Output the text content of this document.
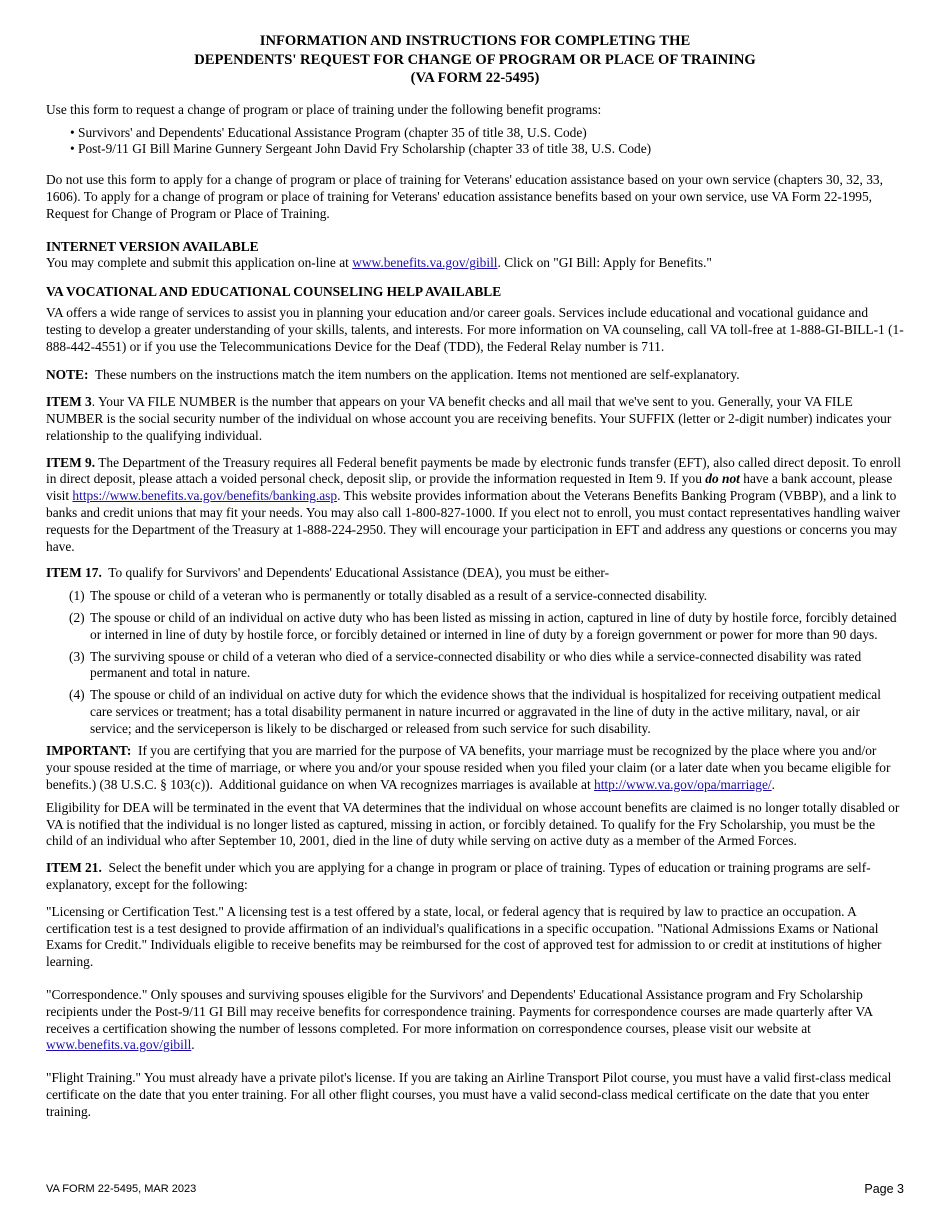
INFORMATION AND INSTRUCTIONS FOR COMPLETING THE
DEPENDENTS' REQUEST FOR CHANGE OF PROGRAM OR PLACE OF TRAINING
(VA FORM 22-5495)

Use this form to request a change of program or place of training under the following benefit programs:

• Survivors' and Dependents' Educational Assistance Program (chapter 35 of title 38, U.S. Code)
• Post-9/11 GI Bill Marine Gunnery Sergeant John David Fry Scholarship (chapter 33 of title 38, U.S. Code)

Do not use this form to apply for a change of program or place of training for Veterans' education assistance based on your own service (chapters 30, 32, 33, 1606). To apply for a change of program or place of training for Veterans' education assistance benefits based on your own service, use VA Form 22-1995, Request for Change of Program or Place of Training.

INTERNET VERSION AVAILABLE

You may complete and submit this application on-line at www.benefits.va.gov/gibill. Click on "GI Bill: Apply for Benefits."

VA VOCATIONAL AND EDUCATIONAL COUNSELING HELP AVAILABLE

VA offers a wide range of services to assist you in planning your education and/or career goals. Services include educational and vocational guidance and testing to develop a greater understanding of your skills, talents, and interests. For more information on VA counseling, call VA toll-free at 1-888-GI-BILL-1 (1-888-442-4551) or if you use the Telecommunications Device for the Deaf (TDD), the Federal Relay number is 711.

NOTE:  These numbers on the instructions match the item numbers on the application. Items not mentioned are self-explanatory.

ITEM 3. Your VA FILE NUMBER is the number that appears on your VA benefit checks and all mail that we've sent to you. Generally, your VA FILE NUMBER is the social security number of the individual on whose account you are receiving benefits. Your SUFFIX (letter or 2-digit number) indicates your relationship to the qualifying individual.

ITEM 9. The Department of the Treasury requires all Federal benefit payments be made by electronic funds transfer (EFT), also called direct deposit. To enroll in direct deposit, please attach a voided personal check, deposit slip, or provide the information requested in Item 9. If you do not have a bank account, please visit https://www.benefits.va.gov/benefits/banking.asp. This website provides information about the Veterans Benefits Banking Program (VBBP), and a link to banks and credit unions that may fit your needs. You may also call 1-800-827-1000. If you elect not to enroll, you must contact representatives handling waiver requests for the Department of the Treasury at 1-888-224-2950. They will encourage your participation in EFT and address any questions or concerns you may have.

ITEM 17.  To qualify for Survivors' and Dependents' Educational Assistance (DEA), you must be either-

(1) The spouse or child of a veteran who is permanently or totally disabled as a result of a service-connected disability.
(2) The spouse or child of an individual on active duty who has been listed as missing in action, captured in line of duty by hostile force, forcibly detained or interned in line of duty by hostile force, or forcibly detained or interned in line of duty by a foreign government or power for more than 90 days.
(3) The surviving spouse or child of a veteran who died of a service-connected disability or who dies while a service-connected disability was rated permanent and total in nature.
(4) The spouse or child of an individual on active duty for which the evidence shows that the individual is hospitalized for receiving outpatient medical care services or treatment; has a total disability permanent in nature incurred or aggravated in the line of duty in the active military, naval, or air service; and the serviceperson is likely to be discharged or released from such service for such disability.

IMPORTANT:  If you are certifying that you are married for the purpose of VA benefits, your marriage must be recognized by the place where you and/or your spouse resided at the time of marriage, or where you and/or your spouse resided when you filed your claim (or a later date when you became eligible for benefits.) (38 U.S.C. § 103(c)).  Additional guidance on when VA recognizes marriages is available at http://www.va.gov/opa/marriage/.

Eligibility for DEA will be terminated in the event that VA determines that the individual on whose account benefits are claimed is no longer totally disabled or VA is notified that the individual is no longer listed as captured, missing in action, or forcibly detained. To qualify for the Fry Scholarship, you must be the child of an individual who after September 10, 2001, died in the line of duty while serving on active duty as a member of the Armed Forces.

ITEM 21.  Select the benefit under which you are applying for a change in program or place of training. Types of education or training programs are self-explanatory, except for the following:

"Licensing or Certification Test." A licensing test is a test offered by a state, local, or federal agency that is required by law to practice an occupation. A certification test is a test designed to provide affirmation of an individual's qualifications in a specific occupation. "National Admissions Exams or National Exams for Credit." Individuals eligible to receive benefits may be reimbursed for the cost of approved test for admission to or credit at institutions of higher learning.

"Correspondence." Only spouses and surviving spouses eligible for the Survivors' and Dependents' Educational Assistance program and Fry Scholarship recipients under the Post-9/11 GI Bill may receive benefits for correspondence training. Payments for correspondence courses are made quarterly after VA receives a certification showing the number of lessons completed. For more information on correspondence courses, please visit our website at www.benefits.va.gov/gibill.

"Flight Training." You must already have a private pilot's license. If you are taking an Airline Transport Pilot course, you must have a valid first-class medical certificate on the date that you enter training. For all other flight courses, you must have a valid second-class medical certificate on the date that you enter training.

VA FORM 22-5495, MAR 2023	Page 3
